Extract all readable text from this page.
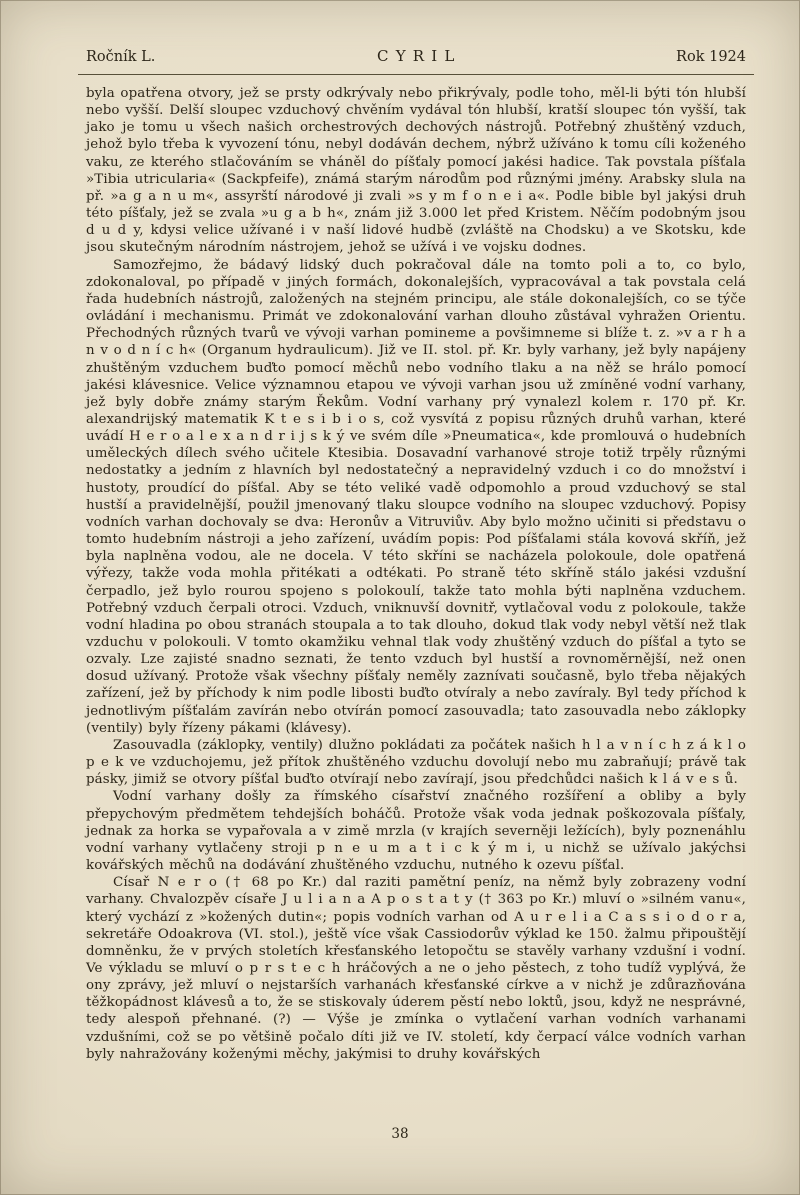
Ročník L.	CYRIL	Rok 1924

byla opatřena otvory, jež se prsty odkrývaly nebo přikrývaly, podle toho, měl-li býti tón hlubší nebo vyšší. Delší sloupec vzduchový chvěním vydával tón hlubší, kratší sloupec tón vyšší, tak jako je tomu u všech našich orchestrových dechových nástrojů. Potřebný zhuštěný vzduch, jehož bylo třeba k vyvození tónu, nebyl dodáván dechem, nýbrž užíváno k tomu cíli koženého vaku, ze kterého stlačováním se vháněl do píšťaly pomocí jakési hadice. Tak povstala píšťala »Tibia utricularia« (Sackpfeife), známá starým národům pod různými jmény. Arabsky slula na př. »a g a n u m«, assyrští národové ji zvali »s y m f o n e i a«. Podle bible byl jakýsi druh této píšťaly, jež se zvala »u g a b h«, znám již 3.000 let před Kristem. Něčím podobným jsou d u d y, kdysi velice užívané i v naší lidové hudbě (zvláště na Chodsku) a ve Skotsku, kde jsou skutečným národním nástrojem, jehož se užívá i ve vojsku dodnes.

Samozřejmo, že bádavý lidský duch pokračoval dále na tomto poli a to, co bylo, zdokonaloval, po případě v jiných formách, dokonalejších, vypracovával a tak povstala celá řada hudebních nástrojů, založených na stejném principu, ale stále dokonalejších, co se týče ovládání i mechanismu. Primát ve zdokonalování varhan dlouho zůstával vyhražen Orientu. Přechodných různých tvarů ve vývoji varhan pomineme a povšimneme si blíže t. z. »v a r h a n v o d n í c h« (Organum hydraulicum). Již ve II. stol. př. Kr. byly varhany, jež byly napájeny zhuštěným vzduchem buďto pomocí měchů nebo vodního tlaku a na něž se hrálo pomocí jakési klávesnice. Velice významnou etapou ve vývoji varhan jsou už zmíněné vodní varhany, jež byly dobře známy starým Řekům. Vodní varhany prý vynalezl kolem r. 170 př. Kr. alexandrijský matematik K t e s i b i o s, což vysvítá z popisu různých druhů varhan, které uvádí H e r o a l e x a n d r i j s k ý ve svém díle »Pneumatica«, kde promlouvá o hudebních uměleckých dílech svého učitele Ktesibia. Dosavadní varhanové stroje totiž trpěly různými nedostatky a jedním z hlavních byl nedostatečný a nepravidelný vzduch i co do množství i hustoty, proudící do píšťal. Aby se této veliké vadě odpomohlo a proud vzduchový se stal hustší a pravidelnější, použil jmenovaný tlaku sloupce vodního na sloupec vzduchový. Popisy vodních varhan dochovaly se dva: Heronův a Vitruviův. Aby bylo možno učiniti si představu o tomto hudebním nástroji a jeho zařízení, uvádím popis: Pod píšťalami stála kovová skříň, jež byla naplněna vodou, ale ne docela. V této skříni se nacházela polokoule, dole opatřená výřezy, takže voda mohla přitékati a odtékati. Po straně této skříně stálo jakési vzdušní čerpadlo, jež bylo rourou spojeno s polokoulí, takže tato mohla býti naplněna vzduchem. Potřebný vzduch čerpali otroci. Vzduch, vniknuvší dovnitř, vytlačoval vodu z polokoule, takže vodní hladina po obou stranách stoupala a to tak dlouho, dokud tlak vody nebyl větší než tlak vzduchu v polokouli. V tomto okamžiku vehnal tlak vody zhuštěný vzduch do píšťal a tyto se ozvaly. Lze zajisté snadno seznati, že tento vzduch byl hustší a rovnoměrnější, než onen dosud užívaný. Protože však všechny píšťaly neměly zaznívati současně, bylo třeba nějakých zařízení, jež by příchody k nim podle libosti buďto otvíraly a nebo zavíraly. Byl tedy příchod k jednotlivým píšťalám zavírán nebo otvírán pomocí zasouvadla; tato zasouvadla nebo záklopky (ventily) byly řízeny pákami (klávesy).

Zasouvadla (záklopky, ventily) dlužno pokládati za počátek našich h l a v n í c h z á k l o p e k ve vzduchojemu, jež přítok zhuštěného vzduchu dovolují nebo mu zabraňují; právě tak pásky, jimiž se otvory píšťal buďto otvírají nebo zavírají, jsou předchůdci našich k l á v e s ů.

Vodní varhany došly za římského císařství značného rozšíření a obliby a byly přepychovým předmětem tehdejších boháčů. Protože však voda jednak poškozovala píšťaly, jednak za horka se vypařovala a v zimě mrzla (v krajích severněji ležících), byly poznenáhlu vodní varhany vytlačeny stroji p n e u m a t i c k ý m i, u nichž se užívalo jakýchsi kovářských měchů na dodávání zhuštěného vzduchu, nutného k ozevu píšťal.

Císař N e r o († 68 po Kr.) dal raziti pamětní peníz, na němž byly zobrazeny vodní varhany. Chvalozpěv císaře J u l i a n a A p o s t a t y († 363 po Kr.) mluví o »silném vanu«, který vychází z »kožených dutin«; popis vodních varhan od A u r e l i a C a s s i o d o r a, sekretáře Odoakrova (VI. stol.), ještě více však Cassiodorův výklad ke 150. žalmu připouštějí domněnku, že v prvých stoletích křesťanského letopočtu se stavěly varhany vzdušní i vodní. Ve výkladu se mluví o p r s t e c h hráčových a ne o jeho pěstech, z toho tudíž vyplývá, že ony zprávy, jež mluví o nejstarších varhanách křesťanské církve a v nichž je zdůrazňována těžkopádnost klávesů a to, že se stiskovaly úderem pěstí nebo loktů, jsou, když ne nesprávné, tedy alespoň přehnané. (?) — Výše je zmínka o vytlačení varhan vodních varhanami vzdušními, což se po většině počalo díti již ve IV. století, kdy čerpací válce vodních varhan byly nahražovány koženými měchy, jakýmisi to druhy kovářských

38
